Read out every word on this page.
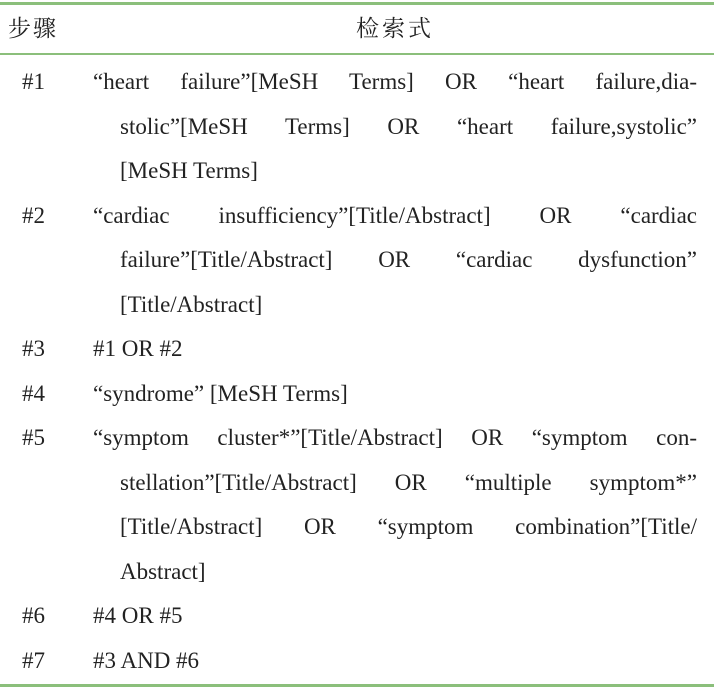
步骤	检索式
#1	“heart failure”[MeSH Terms] OR “heart failure,dia-
stolic”[MeSH Terms] OR “heart failure,systolic”
[MeSH Terms]
#2	“cardiac insufficiency”[Title/Abstract] OR “cardiac
failure”[Title/Abstract] OR “cardiac dysfunction”
[Title/Abstract]
#3	#1 OR #2
#4	“syndrome” [MeSH Terms]
#5	“symptom cluster*”[Title/Abstract] OR “symptom con-
stellation”[Title/Abstract] OR “multiple symptom*”
[Title/Abstract] OR “symptom combination”[Title/
Abstract]
#6	#4 OR #5
#7	#3 AND #6
